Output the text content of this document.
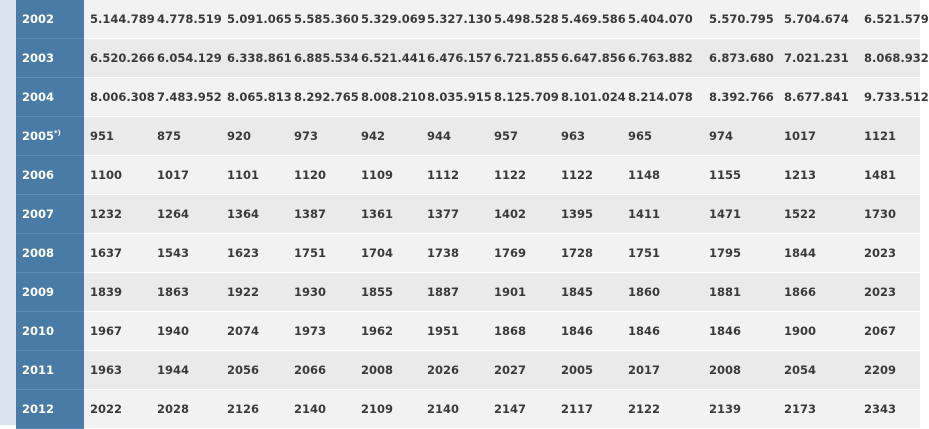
2002	5.144.789	4.778.519	5.091.065	5.585.360	5.329.069	5.327.130	5.498.528	5.469.586	5.404.070	5.570.795	5.704.674	6.521.579
2003	6.520.266	6.054.129	6.338.861	6.885.534	6.521.441	6.476.157	6.721.855	6.647.856	6.763.882	6.873.680	7.021.231	8.068.932
2004	8.006.308	7.483.952	8.065.813	8.292.765	8.008.210	8.035.915	8.125.709	8.101.024	8.214.078	8.392.766	8.677.841	9.733.512
2005*)	951	875	920	973	942	944	957	963	965	974	1017	1121
2006	1100	1017	1101	1120	1109	1112	1122	1122	1148	1155	1213	1481
2007	1232	1264	1364	1387	1361	1377	1402	1395	1411	1471	1522	1730
2008	1637	1543	1623	1751	1704	1738	1769	1728	1751	1795	1844	2023
2009	1839	1863	1922	1930	1855	1887	1901	1845	1860	1881	1866	2023
2010	1967	1940	2074	1973	1962	1951	1868	1846	1846	1846	1900	2067
2011	1963	1944	2056	2066	2008	2026	2027	2005	2017	2008	2054	2209
2012	2022	2028	2126	2140	2109	2140	2147	2117	2122	2139	2173	2343
